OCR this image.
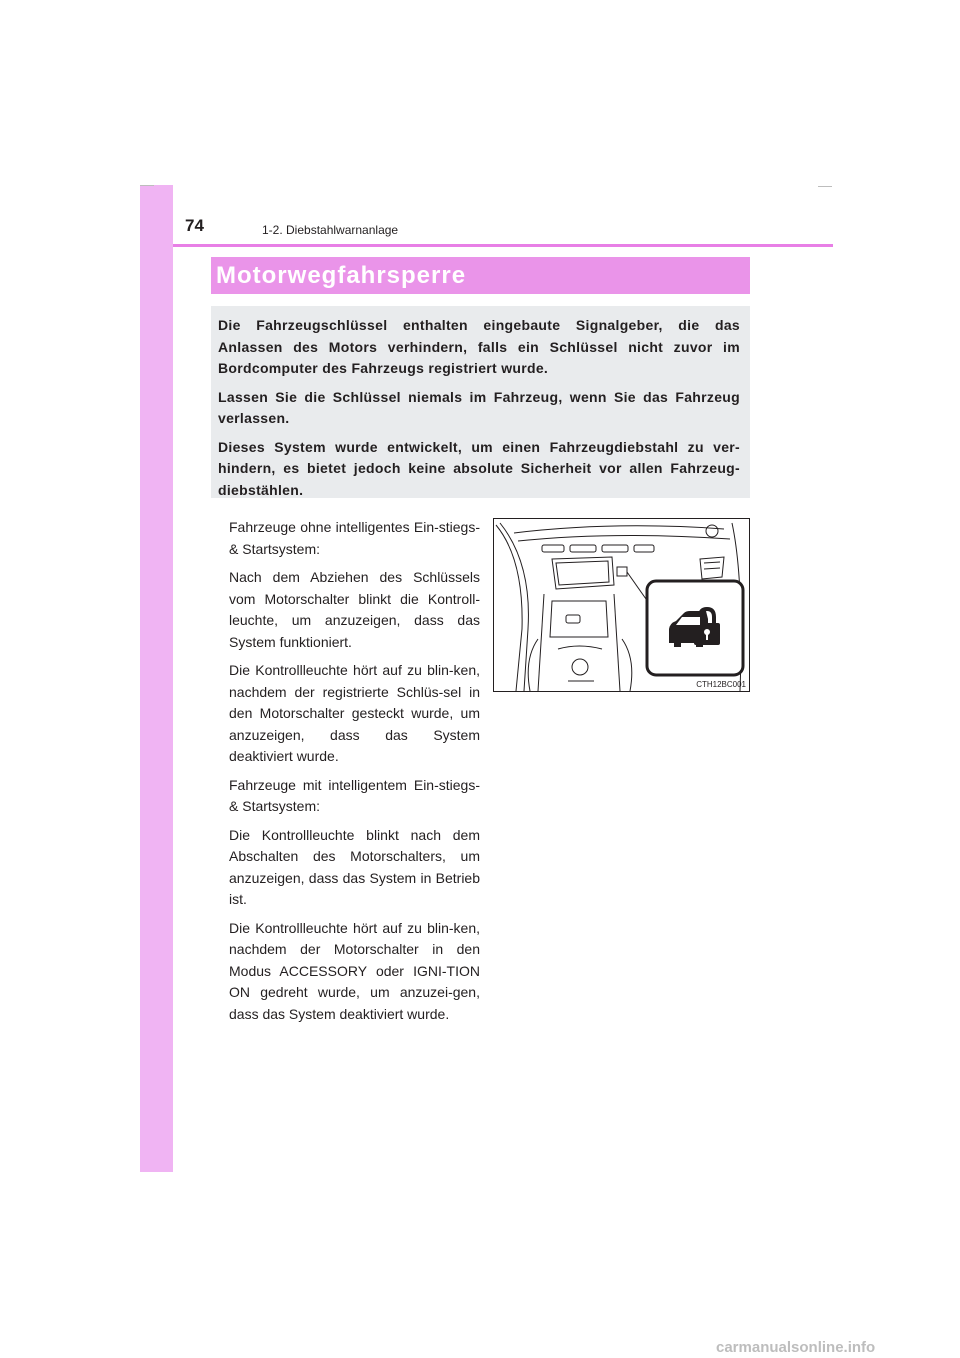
74	1-2. Diebstahlwarnanlage
Motorwegfahrsperre

Die Fahrzeugschlüssel enthalten eingebaute Signalgeber, die das Anlassen des Motors verhindern, falls ein Schlüssel nicht zuvor im Bordcomputer des Fahrzeugs registriert wurde.

Lassen Sie die Schlüssel niemals im Fahrzeug, wenn Sie das Fahrzeug verlassen.

Dieses System wurde entwickelt, um einen Fahrzeugdiebstahl zu ver-hindern, es bietet jedoch keine absolute Sicherheit vor allen Fahrzeug-diebstählen.

Fahrzeuge ohne intelligentes Ein-stiegs- & Startsystem:

Nach dem Abziehen des Schlüssels vom Motorschalter blinkt die Kontroll-leuchte, um anzuzeigen, dass das System funktioniert.

Die Kontrollleuchte hört auf zu blin-ken, nachdem der registrierte Schlüs-sel in den Motorschalter gesteckt wurde, um anzuzeigen, dass das System deaktiviert wurde.

Fahrzeuge mit intelligentem Ein-stiegs- & Startsystem:

Die Kontrollleuchte blinkt nach dem Abschalten des Motorschalters, um anzuzeigen, dass das System in Betrieb ist.

Die Kontrollleuchte hört auf zu blin-ken, nachdem der Motorschalter in den Modus ACCESSORY oder IGNI-TION ON gedreht wurde, um anzuzei-gen, dass das System deaktiviert wurde.

CTH12BC001
carmanualsonline.info
